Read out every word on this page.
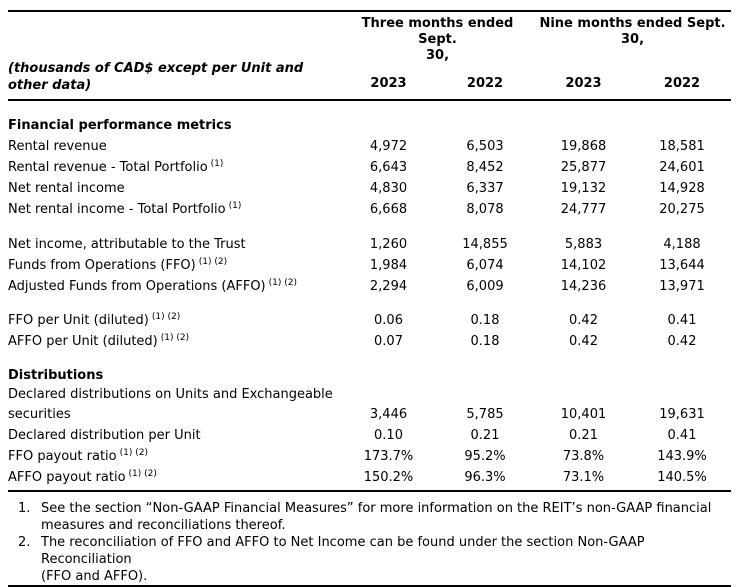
(thousands of CAD$ except per Unit and
other data)
Three months ended Sept.
30,
Nine months ended Sept.
30,
2023	2022	2023	2022
Financial performance metrics
Rental revenue	4,972	6,503	19,868	18,581
Rental revenue - Total Portfolio $^{(1)}$	6,643	8,452	25,877	24,601
Net rental income	4,830	6,337	19,132	14,928
Net rental income - Total Portfolio $^{(1)}$	6,668	8,078	24,777	20,275
Net income, attributable to the Trust	1,260	14,855	5,883	4,188
Funds from Operations (FFO) $^{(1) (2)}$	1,984	6,074	14,102	13,644
Adjusted Funds from Operations (AFFO) $^{(1) (2)}$	2,294	6,009	14,236	13,971
FFO per Unit (diluted) $^{(1) (2)}$	0.06	0.18	0.42	0.41
AFFO per Unit (diluted) $^{(1) (2)}$	0.07	0.18	0.42	0.42
Distributions
Declared distributions on Units and Exchangeable
securities	3,446	5,785	10,401	19,631
Declared distribution per Unit	0.10	0.21	0.21	0.41
FFO payout ratio $^{(1) (2)}$	173.7%	95.2%	73.8%	143.9%
AFFO payout ratio $^{(1) (2)}$	150.2%	96.3%	73.1%	140.5%
1. See the section “Non-GAAP Financial Measures” for more information on the REIT’s non-GAAP financial
measures and reconciliations thereof.
2. The reconciliation of FFO and AFFO to Net Income can be found under the section Non-GAAP
Reconciliation
(FFO and AFFO).
